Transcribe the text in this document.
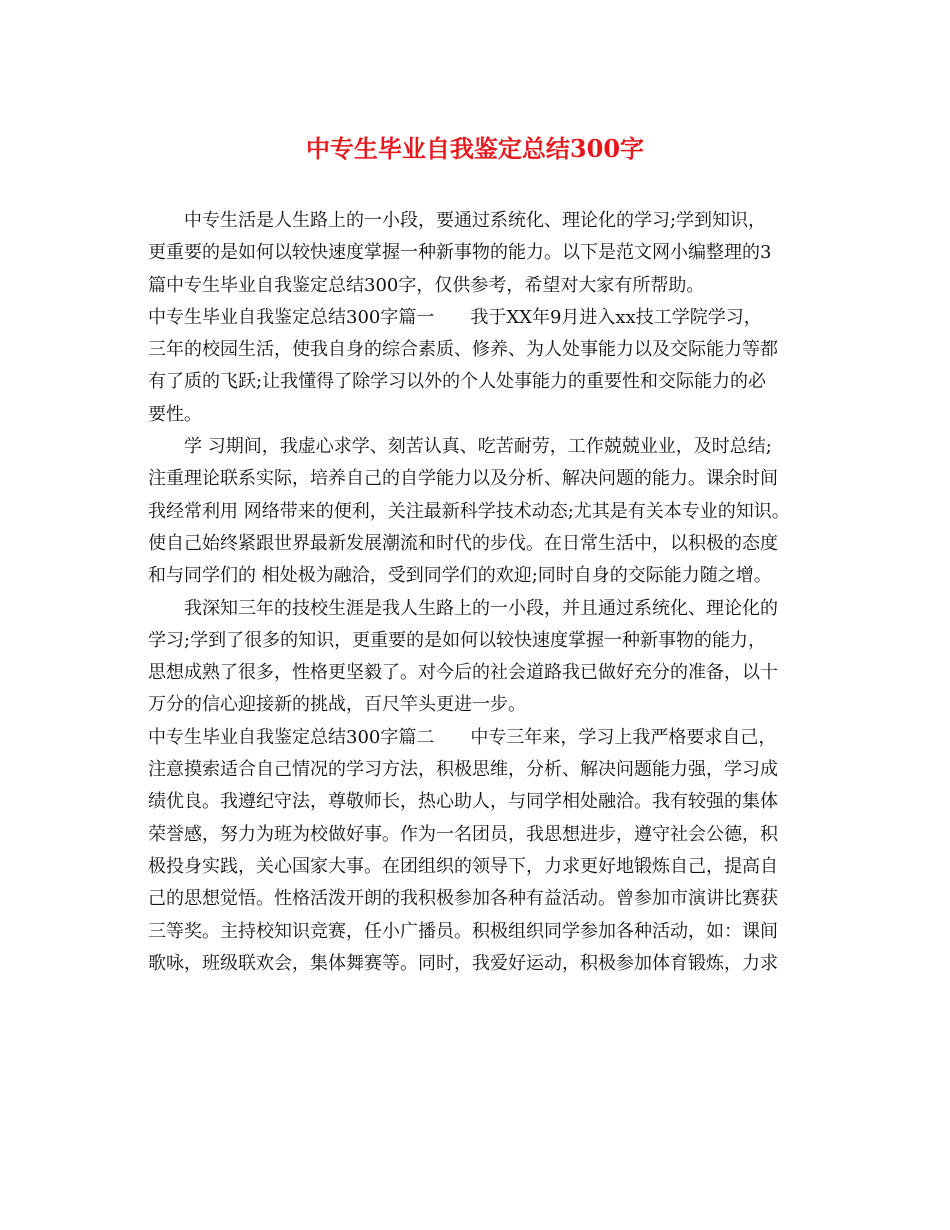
中专生毕业自我鉴定总结300字
　　中专生活是人生路上的一小段，要通过系统化、理论化的学习;学到知识，
更重要的是如何以较快速度掌握一种新事物的能力。以下是范文网小编整理的3
篇中专生毕业自我鉴定总结300字，仅供参考，希望对大家有所帮助。
中专生毕业自我鉴定总结300字篇一　　我于XX年9月进入xx技工学院学习，
三年的校园生活，使我自身的综合素质、修养、为人处事能力以及交际能力等都
有了质的飞跃;让我懂得了除学习以外的个人处事能力的重要性和交际能力的必
要性。
　　学 习期间，我虚心求学、刻苦认真、吃苦耐劳，工作兢兢业业，及时总结;
注重理论联系实际，培养自己的自学能力以及分析、解决问题的能力。课余时间
我经常利用 网络带来的便利，关注最新科学技术动态;尤其是有关本专业的知识。
使自己始终紧跟世界最新发展潮流和时代的步伐。在日常生活中，以积极的态度
和与同学们的 相处极为融洽，受到同学们的欢迎;同时自身的交际能力随之增。
　　我深知三年的技校生涯是我人生路上的一小段，并且通过系统化、理论化的
学习;学到了很多的知识，更重要的是如何以较快速度掌握一种新事物的能力，
思想成熟了很多，性格更坚毅了。对今后的社会道路我已做好充分的准备，以十
万分的信心迎接新的挑战，百尺竿头更进一步。
中专生毕业自我鉴定总结300字篇二　　中专三年来，学习上我严格要求自己，
注意摸索适合自己情况的学习方法，积极思维，分析、解决问题能力强，学习成
绩优良。我遵纪守法，尊敬师长，热心助人，与同学相处融洽。我有较强的集体
荣誉感，努力为班为校做好事。作为一名团员，我思想进步，遵守社会公德，积
极投身实践，关心国家大事。在团组织的领导下，力求更好地锻炼自己，提高自
己的思想觉悟。性格活泼开朗的我积极参加各种有益活动。曾参加市演讲比赛获
三等奖。主持校知识竞赛，任小广播员。积极组织同学参加各种活动，如：课间
歌咏，班级联欢会，集体舞赛等。同时，我爱好运动，积极参加体育锻炼，力求
